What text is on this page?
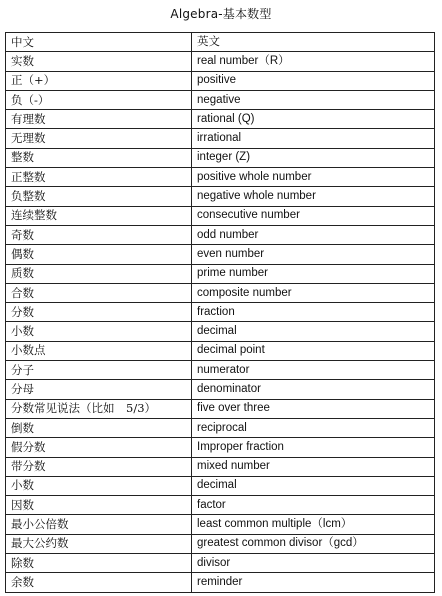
Algebra-基本数型
中文	英文
实数	real number（R）
正（+）	positive
负（-）	negative
有理数	rational (Q)
无理数	irrational
整数	integer (Z)
正整数	positive whole number
负整数	negative whole number
连续整数	consecutive number
奇数	odd number
偶数	even number
质数	prime number
合数	composite number
分数	fraction
小数	decimal
小数点	decimal point
分子	numerator
分母	denominator
分数常见说法（比如　5/3）	five over three
倒数	reciprocal
假分数	Improper fraction
带分数	mixed number
小数	decimal
因数	factor
最小公倍数	least common multiple（lcm）
最大公约数	greatest common divisor（gcd）
除数	divisor
余数	reminder
